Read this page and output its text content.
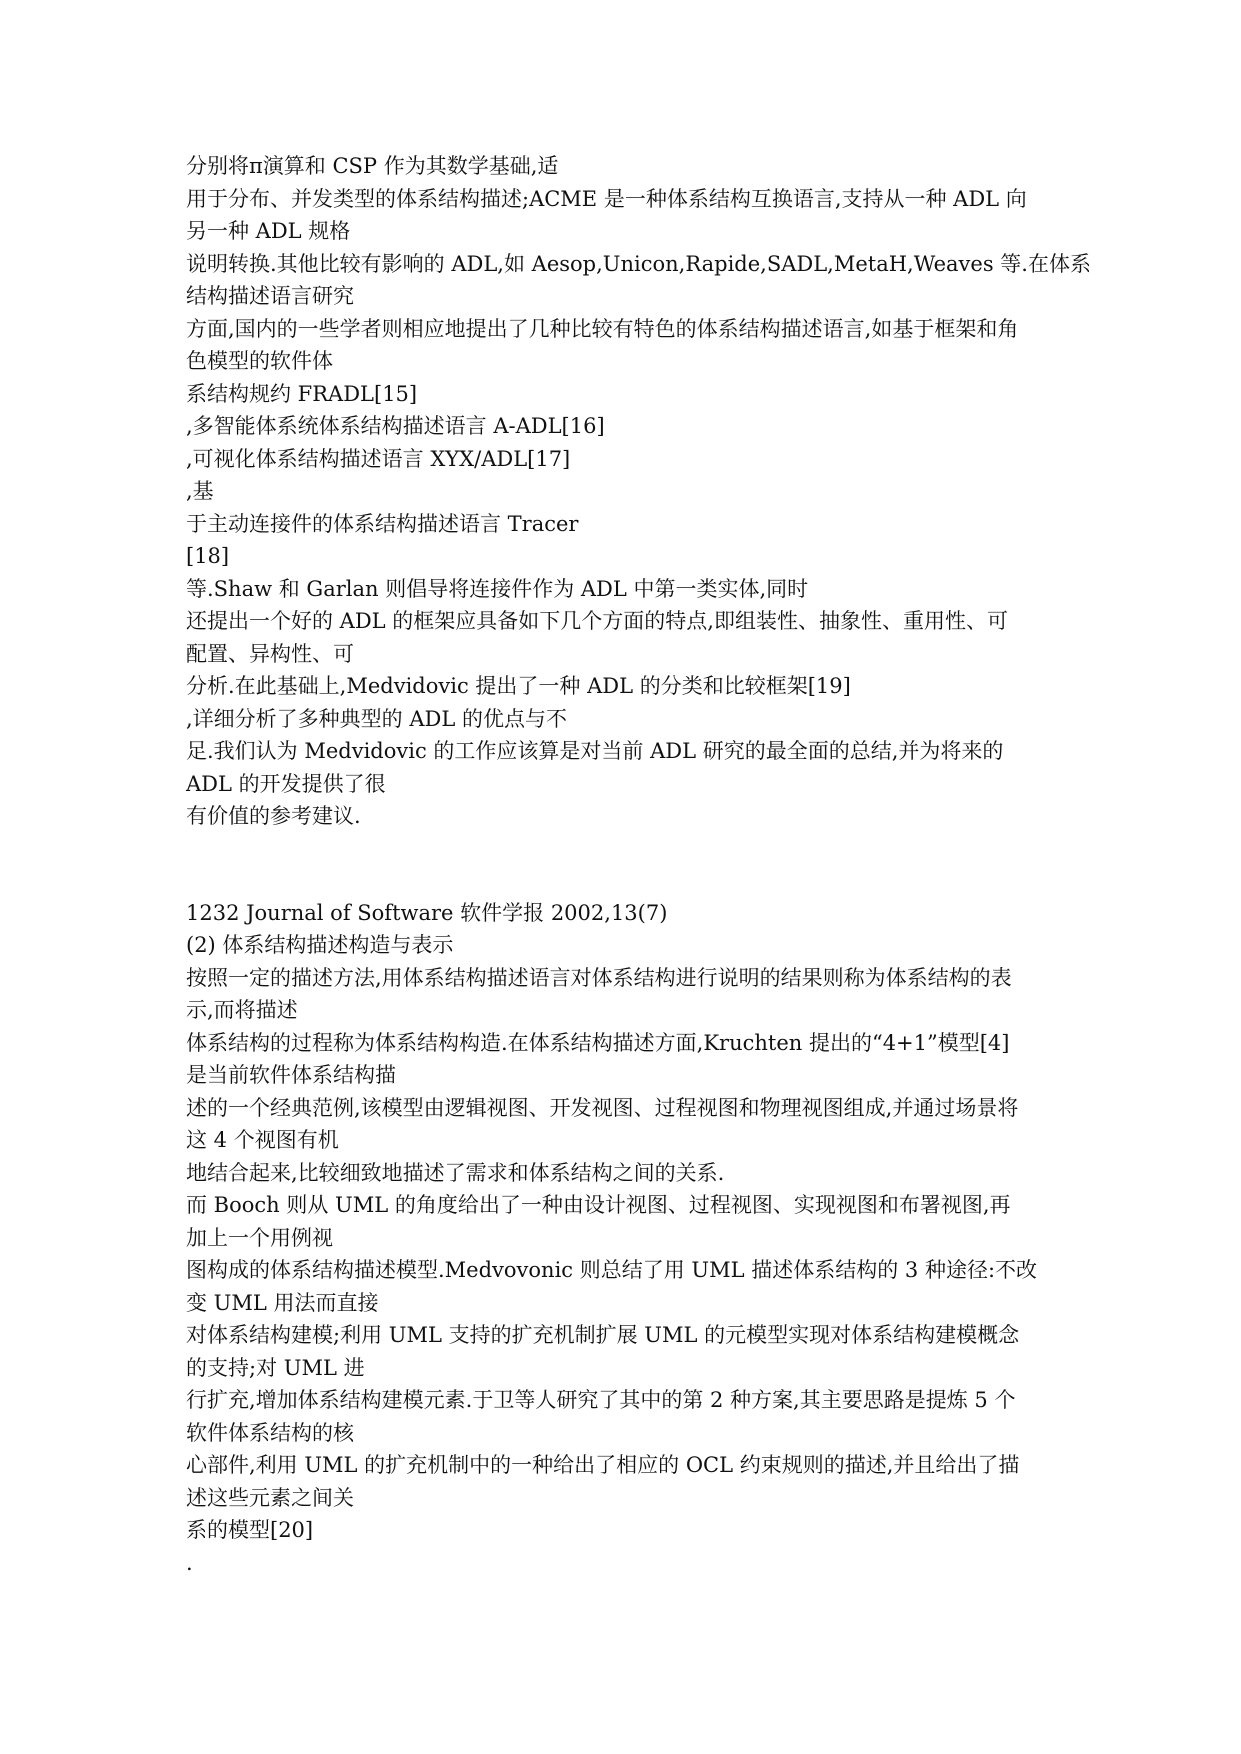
分别将π演算和 CSP 作为其数学基础,适
用于分布、并发类型的体系结构描述;ACME 是一种体系结构互换语言,支持从一种 ADL 向
另一种 ADL 规格
说明转换.其他比较有影响的 ADL,如 Aesop,Unicon,Rapide,SADL,MetaH,Weaves 等.在体系
结构描述语言研究
方面,国内的一些学者则相应地提出了几种比较有特色的体系结构描述语言,如基于框架和角
色模型的软件体
系结构规约 FRADL[15]
,多智能体系统体系结构描述语言 A-ADL[16]
,可视化体系结构描述语言 XYX/ADL[17]
,基
于主动连接件的体系结构描述语言 Tracer
[18]
等.Shaw 和 Garlan 则倡导将连接件作为 ADL 中第一类实体,同时
还提出一个好的 ADL 的框架应具备如下几个方面的特点,即组装性、抽象性、重用性、可
配置、异构性、可
分析.在此基础上,Medvidovic 提出了一种 ADL 的分类和比较框架[19]
,详细分析了多种典型的 ADL 的优点与不
足.我们认为 Medvidovic 的工作应该算是对当前 ADL 研究的最全面的总结,并为将来的
ADL 的开发提供了很
有价值的参考建议.
1232 Journal of Software 软件学报 2002,13(7)
(2) 体系结构描述构造与表示
按照一定的描述方法,用体系结构描述语言对体系结构进行说明的结果则称为体系结构的表
示,而将描述
体系结构的过程称为体系结构构造.在体系结构描述方面,Kruchten 提出的“4+1”模型[4]
是当前软件体系结构描
述的一个经典范例,该模型由逻辑视图、开发视图、过程视图和物理视图组成,并通过场景将
这 4 个视图有机
地结合起来,比较细致地描述了需求和体系结构之间的关系.
而 Booch 则从 UML 的角度给出了一种由设计视图、过程视图、实现视图和布署视图,再
加上一个用例视
图构成的体系结构描述模型.Medvovonic 则总结了用 UML 描述体系结构的 3 种途径:不改
变 UML 用法而直接
对体系结构建模;利用 UML 支持的扩充机制扩展 UML 的元模型实现对体系结构建模概念
的支持;对 UML 进
行扩充,增加体系结构建模元素.于卫等人研究了其中的第 2 种方案,其主要思路是提炼 5 个
软件体系结构的核
心部件,利用 UML 的扩充机制中的一种给出了相应的 OCL 约束规则的描述,并且给出了描
述这些元素之间关
系的模型[20]
.
